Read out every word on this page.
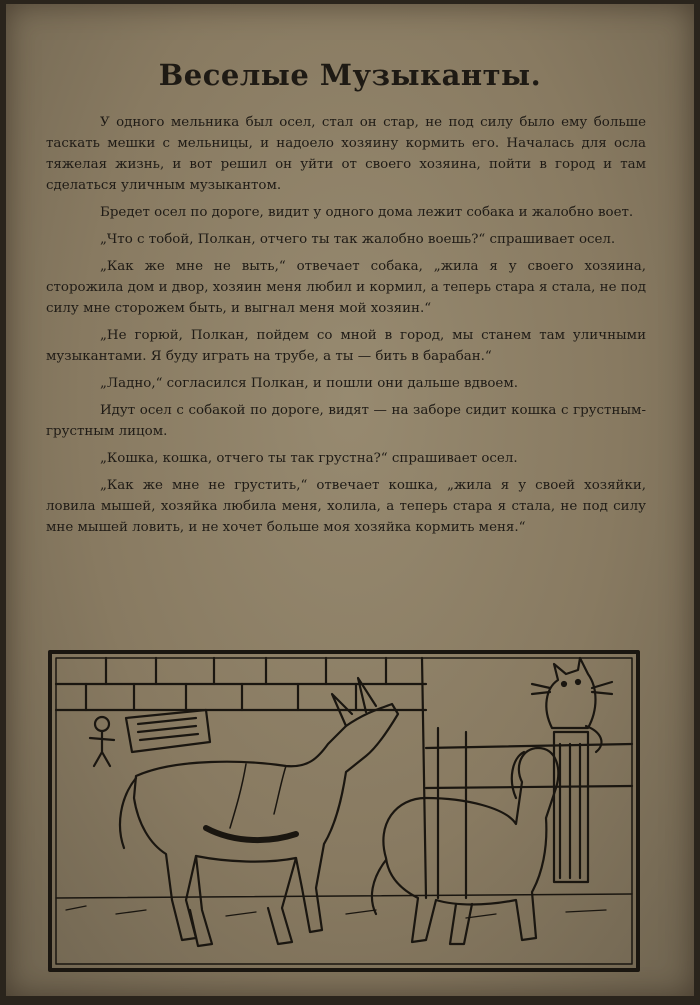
Веселые Музыканты.

У одного мельника был осел, стал он стар, не под силу было ему больше таскать мешки с мельницы, и надоело хозяину кормить его. Началась для осла тяжелая жизнь, и вот решил он уйти от своего хозяина, пойти в город и там сделаться уличным музыкантом.

Бредет осел по дороге, видит у одного дома лежит собака и жалобно воет.

„Что с тобой, Полкан, отчего ты так жалобно воешь?“ спрашивает осел.

„Как же мне не выть,“ отвечает собака, „жила я у своего хозяина, сторожила дом и двор, хозяин меня любил и кормил, а теперь стара я стала, не под силу мне сторожем быть, и выгнал меня мой хозяин.“

„Не горюй, Полкан, пойдем со мной в город, мы станем там уличными музыкантами. Я буду играть на трубе, а ты — бить в барабан.“

„Ладно,“ согласился Полкан, и пошли они дальше вдвоем.

Идут осел с собакой по дороге, видят — на заборе сидит кошка с грустным-грустным лицом.

„Кошка, кошка, отчего ты так грустна?“ спрашивает осел.

„Как же мне не грустить,“ отвечает кошка, „жила я у своей хозяйки, ловила мышей, хозяйка любила меня, холила, а теперь стара я стала, не под силу мне мышей ловить, и не хочет больше моя хозяйка кормить меня.“
